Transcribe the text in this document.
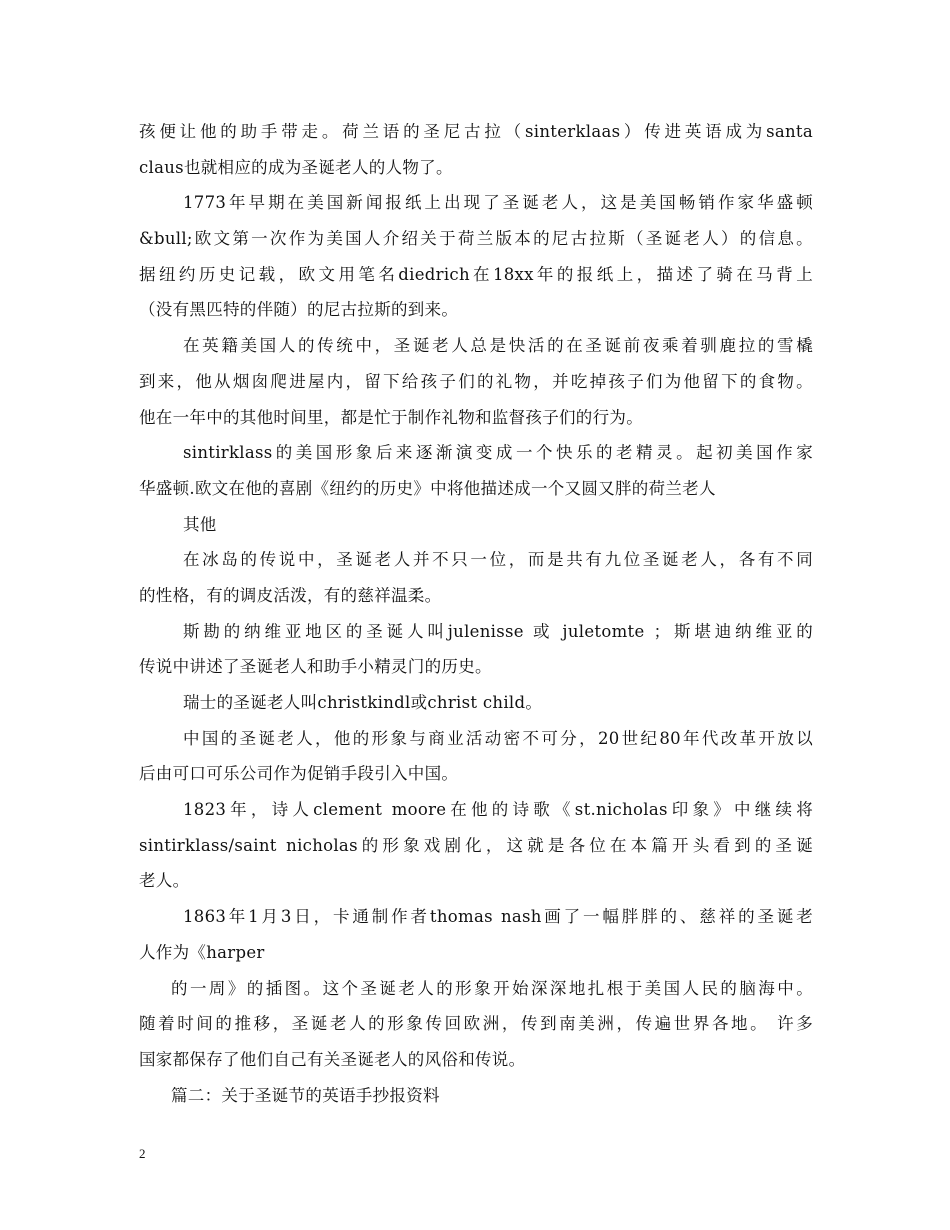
孩便让他的助手带走。荷兰语的圣尼古拉（sinterklaas）传进英语成为santa
claus也就相应的成为圣诞老人的人物了。
1773年早期在美国新闻报纸上出现了圣诞老人，这是美国畅销作家华盛顿
&bull;欧文第一次作为美国人介绍关于荷兰版本的尼古拉斯（圣诞老人）的信息。
据纽约历史记载，欧文用笔名diedrich在18xx年的报纸上，描述了骑在马背上
（没有黑匹特的伴随）的尼古拉斯的到来。
在英籍美国人的传统中，圣诞老人总是快活的在圣诞前夜乘着驯鹿拉的雪橇
到来，他从烟囱爬进屋内，留下给孩子们的礼物，并吃掉孩子们为他留下的食物。
他在一年中的其他时间里，都是忙于制作礼物和监督孩子们的行为。
sintirklass的美国形象后来逐渐演变成一个快乐的老精灵。起初美国作家
华盛顿.欧文在他的喜剧《纽约的历史》中将他描述成一个又圆又胖的荷兰老人
其他
在冰岛的传说中，圣诞老人并不只一位，而是共有九位圣诞老人，各有不同
的性格，有的调皮活泼，有的慈祥温柔。
斯勘的纳维亚地区的圣诞人叫julenisse 或 juletomte ；斯堪迪纳维亚的
传说中讲述了圣诞老人和助手小精灵门的历史。
瑞士的圣诞老人叫christkindl或christ child。
中国的圣诞老人，他的形象与商业活动密不可分，20世纪80年代改革开放以
后由可口可乐公司作为促销手段引入中国。
1823年，诗人clement moore在他的诗歌《st.nicholas印象》中继续将
sintirklass/saint nicholas的形象戏剧化，这就是各位在本篇开头看到的圣诞
老人。
1863年1月3日，卡通制作者thomas nash画了一幅胖胖的、慈祥的圣诞老
人作为《harper
的一周》的插图。这个圣诞老人的形象开始深深地扎根于美国人民的脑海中。
随着时间的推移，圣诞老人的形象传回欧洲，传到南美洲，传遍世界各地。 许多
国家都保存了他们自己有关圣诞老人的风俗和传说。
篇二：关于圣诞节的英语手抄报资料
2
